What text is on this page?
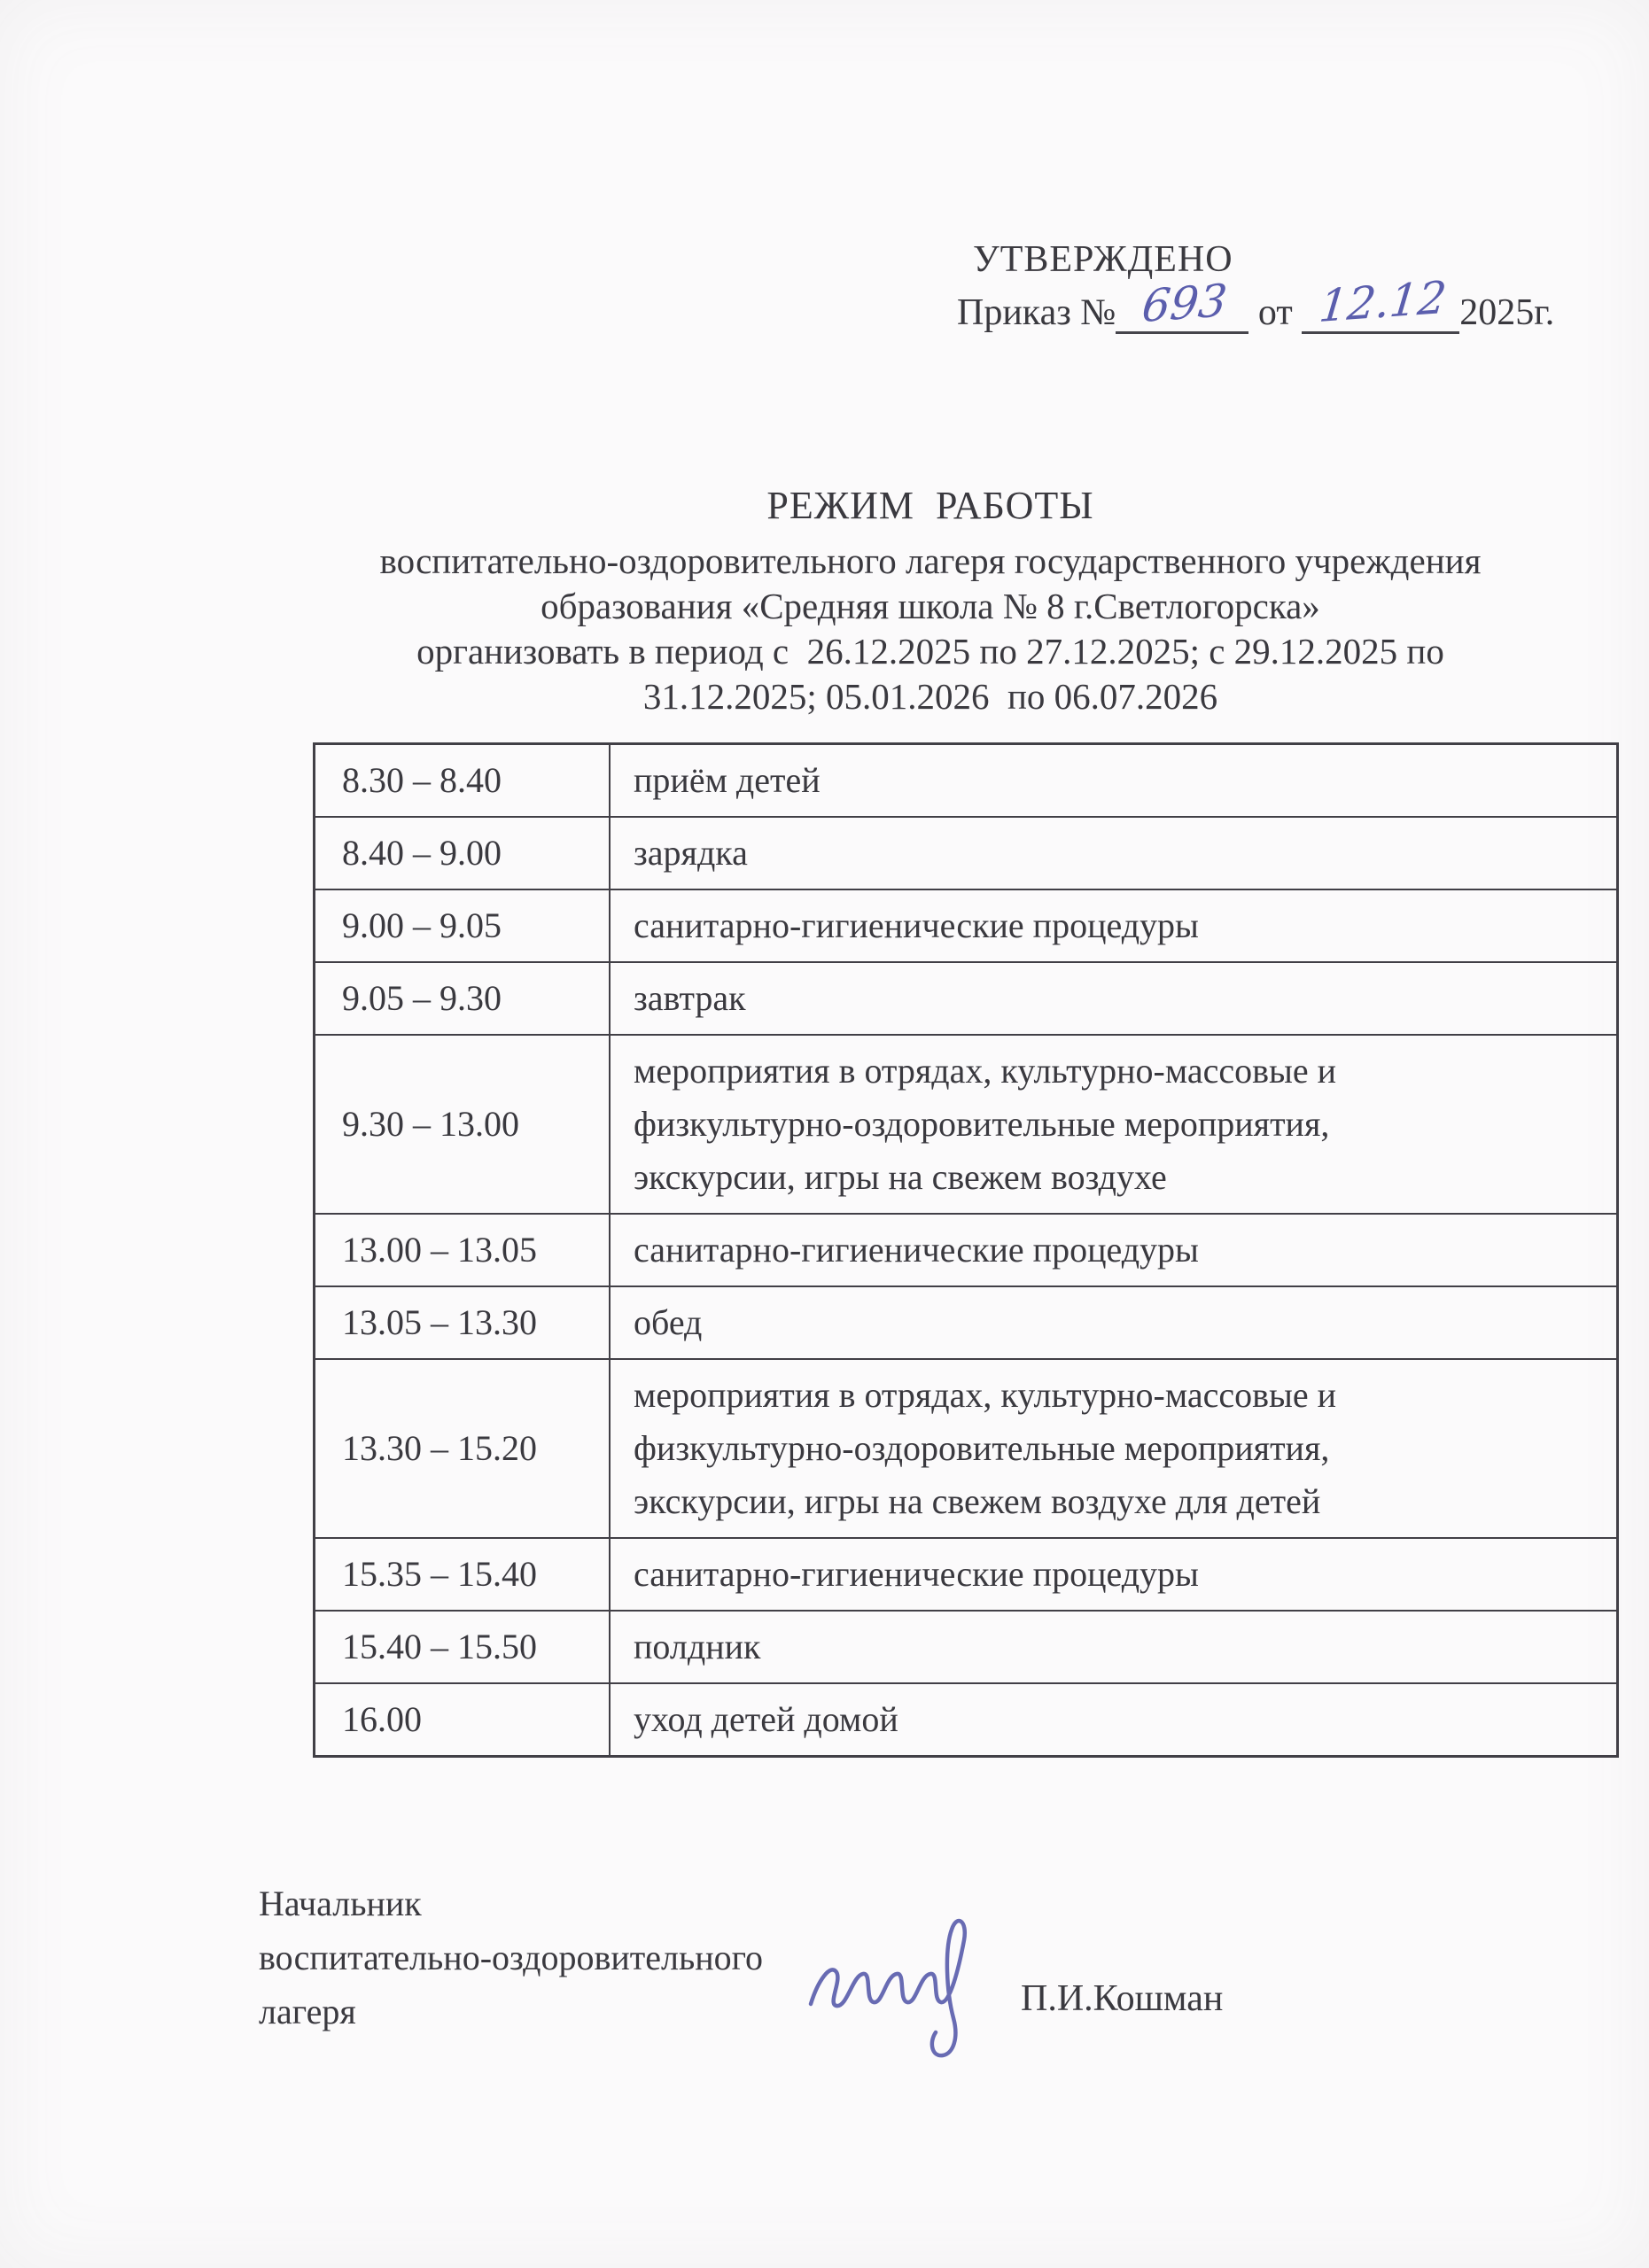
УТВЕРЖДЕНО
Приказ № 693 от 12.12 2025г.
РЕЖИМ  РАБОТЫ
воспитательно-оздоровительного лагеря государственного учреждения
образования «Средняя школа № 8 г.Светлогорска»
организовать в период с  26.12.2025 по 27.12.2025; с 29.12.2025 по
31.12.2025; 05.01.2026  по 06.07.2026
8.30 – 8.40	приём детей
8.40 – 9.00	зарядка
9.00 – 9.05	санитарно-гигиенические процедуры
9.05 – 9.30	завтрак
9.30 – 13.00	мероприятия в отрядах, культурно-массовые и физкультурно-оздоровительные мероприятия, экскурсии, игры на свежем воздухе
13.00 – 13.05	санитарно-гигиенические процедуры
13.05 – 13.30	обед
13.30 – 15.20	мероприятия в отрядах, культурно-массовые и физкультурно-оздоровительные мероприятия, экскурсии, игры на свежем воздухе для детей
15.35 – 15.40	санитарно-гигиенические процедуры
15.40 – 15.50	полдник
16.00	уход детей домой
Начальник
воспитательно-оздоровительного
лагеря	П.И.Кошман
